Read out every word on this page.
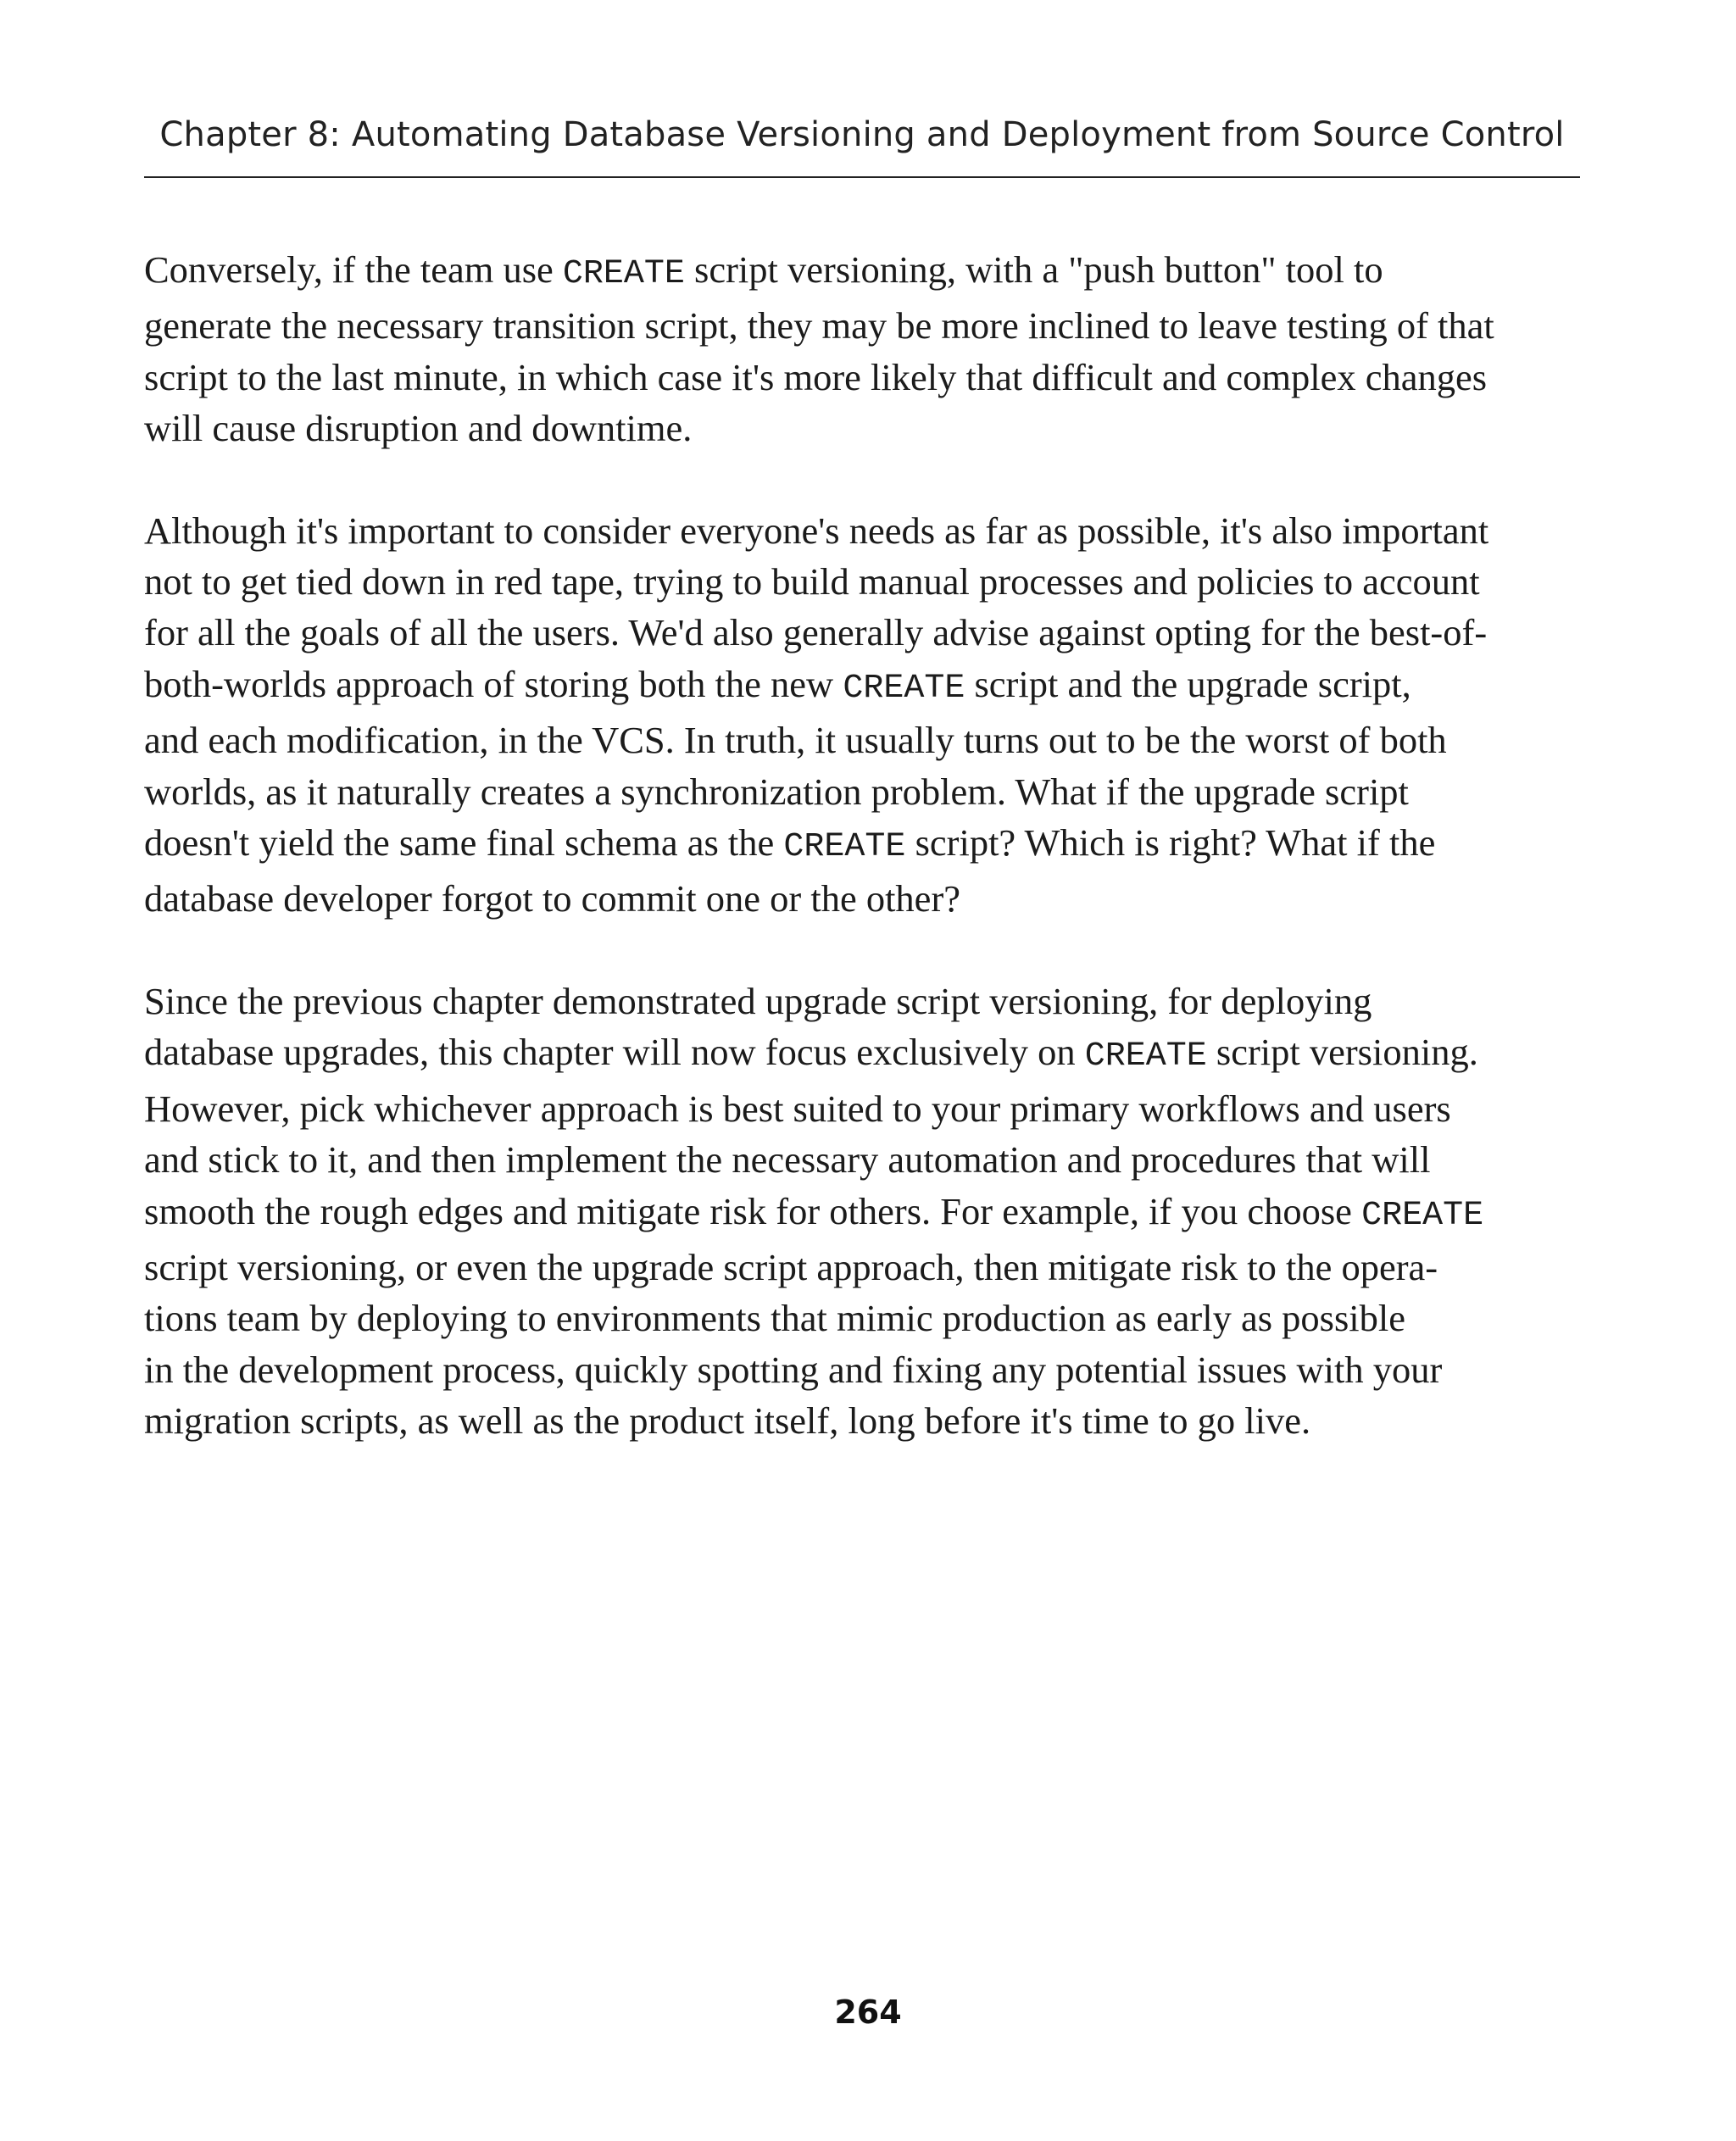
Chapter 8: Automating Database Versioning and Deployment from Source Control

Conversely, if the team use CREATE script versioning, with a "push button" tool to
generate the necessary transition script, they may be more inclined to leave testing of that
script to the last minute, in which case it's more likely that difficult and complex changes
will cause disruption and downtime.

Although it's important to consider everyone's needs as far as possible, it's also important
not to get tied down in red tape, trying to build manual processes and policies to account
for all the goals of all the users. We'd also generally advise against opting for the best-of-
both-worlds approach of storing both the new CREATE script and the upgrade script,
and each modification, in the VCS. In truth, it usually turns out to be the worst of both
worlds, as it naturally creates a synchronization problem. What if the upgrade script
doesn't yield the same final schema as the CREATE script? Which is right? What if the
database developer forgot to commit one or the other?

Since the previous chapter demonstrated upgrade script versioning, for deploying
database upgrades, this chapter will now focus exclusively on CREATE script versioning.
However, pick whichever approach is best suited to your primary workflows and users
and stick to it, and then implement the necessary automation and procedures that will
smooth the rough edges and mitigate risk for others. For example, if you choose CREATE
script versioning, or even the upgrade script approach, then mitigate risk to the opera-
tions team by deploying to environments that mimic production as early as possible
in the development process, quickly spotting and fixing any potential issues with your
migration scripts, as well as the product itself, long before it's time to go live.

264
